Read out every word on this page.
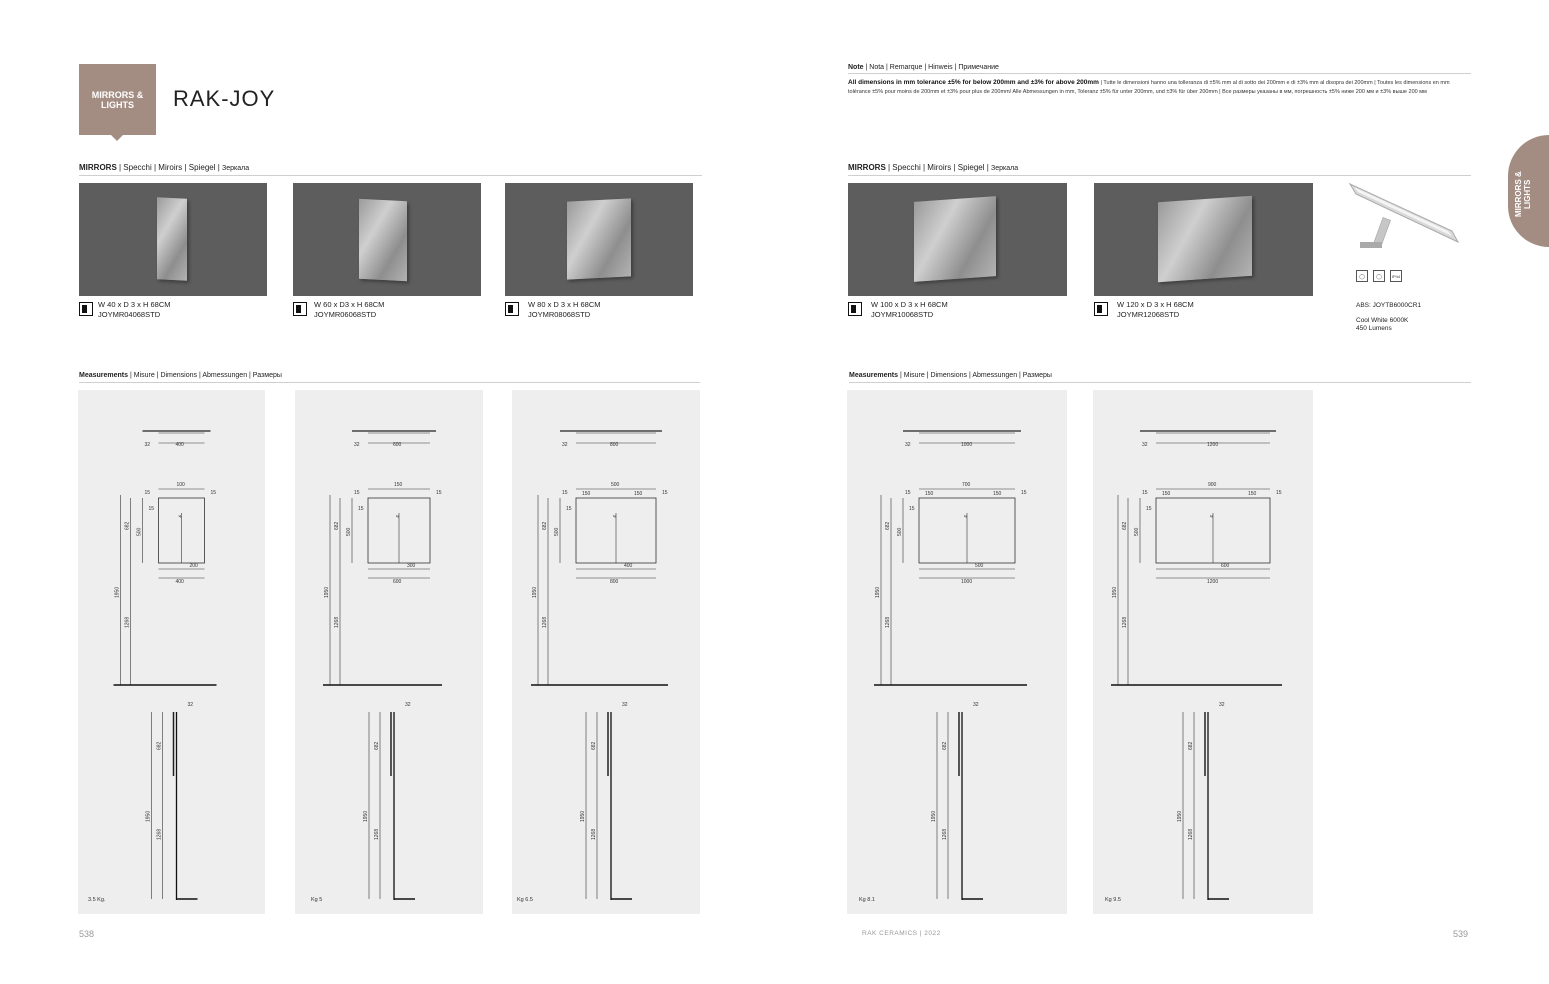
MIRRORS & LIGHTS	RAK-JOY
MIRRORS & LIGHTS
Note | Nota | Remarque | Hinweis | Примечание
All dimensions in mm tolerance ±5% for below 200mm and ±3% for above 200mm | Tutte le dimensioni hanno una tolleranza di ±5% mm al di sotto dei 200mm e di ±3% mm al disopra dei 200mm | Toutes les dimensions en mm tolérance ±5% pour moins de 200mm et ±3% pour plus de 200mm/ Alle Abmessungen in mm, Toleranz ±5% für unter 200mm, und ±3% für über 200mm | Все размеры указаны в мм, погрешность ±5% ниже 200 мм и ±3% выше 200 мм
MIRRORS | Specchi | Miroirs | Spiegel | Зеркала	MIRRORS | Specchi | Miroirs | Spiegel | Зеркала
◯	◯	IP44
ABS: JOYTB6000CR1
Cool White 6000K
450 Lumens
W 40 x D 3 x H 68CM
JOYMR04068STD
W 60 x D3 x H 68CM
JOYMR06068STD
W 80 x D 3 x H 68CM
JOYMR08068STD
W 100 x D 3 x H 68CM
JOYMR10068STD
W 120 x D 3 x H 68CM
JOYMR12068STD
Measurements | Misure | Dimensions | Abmessungen | Размеры	Measurements | Misure | Dimensions | Abmessungen | Размеры
32	400
ч
100
15	15
15
200
400
500
682
1950
1268
32
682
1950
1268
3.5 Kg.
32	600
ч
150
15	15
15
300
600
500
682
1950
1268
32
682
1950
1268
Kg 5
32	800
ч
500
15	15
15
150	150
400
800
500
682
1950
1268
32
682
1950
1268
Kg 6.5
32	1000
ч
700
15	15
15
150	150
500
1000
500
682
1950
1268
32
682
1950
1268
Kg 8.1
32	1200
ч
900
15	15
15
150	150
600
1200
500
682
1950
1268
32
682
1950
1268
Kg 9.5
538	RAK CERAMICS | 2022	539
